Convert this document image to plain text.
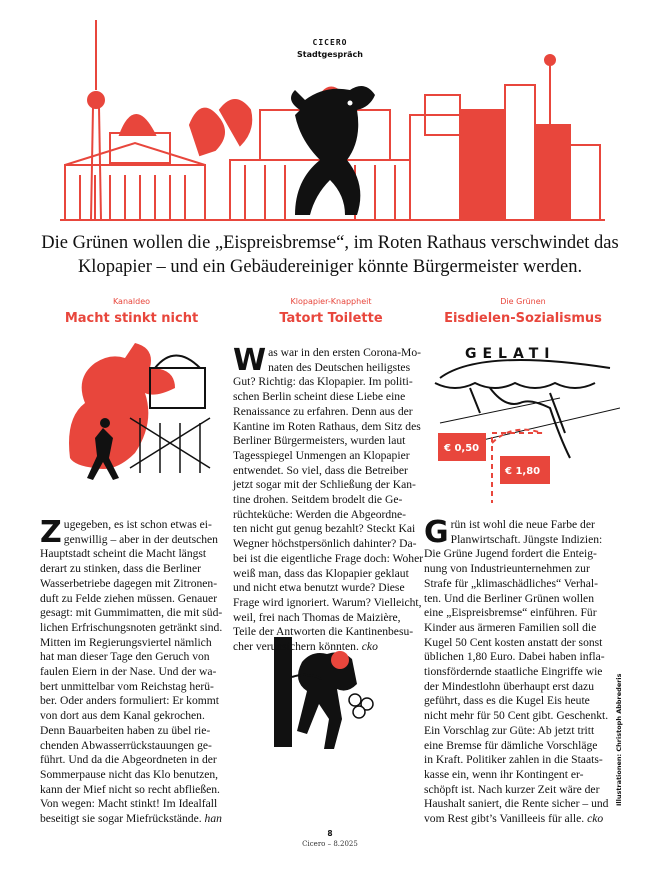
CICERO
Stadtgespräch
Die Grünen wollen die „Eispreisbremse“, im Roten Rathaus verschwindet das Klopapier – und ein Gebäudereiniger könnte Bürgermeister werden.
Kanaldeo
Macht stinkt nicht
Klopapier-Knappheit
Tatort Toilette
Die Grünen
Eisdielen-Sozialismus
GELATI
€ 0,50
€ 1,80
Z ugegeben, es ist schon etwas ei-
genwillig – aber in der deutschen
Hauptstadt scheint die Macht längst
derart zu stinken, dass die Berliner
Wasserbetriebe dagegen mit Zitronen-
duft zu Felde ziehen müssen. Genauer
gesagt: mit Gummimatten, die mit süd-
lichen Erfrischungsnoten getränkt sind.
Mitten im Regierungsviertel nämlich
hat man dieser Tage den Geruch von
faulen Eiern in der Nase. Und der wa-
bert unmittelbar vom Reichstag herü-
ber. Oder anders formuliert: Er kommt
von dort aus dem Kanal gekrochen.
Denn Bauarbeiten haben zu übel rie-
chenden Abwasserrückstauungen ge-
führt. Und da die Abgeordneten in der
Sommerpause nicht das Klo benutzen,
kann der Mief nicht so recht abfließen.
Von wegen: Macht stinkt! Im Idealfall
beseitigt sie sogar Miefrückstände. han
W as war in den ersten Corona-Mo-
naten des Deutschen heiligstes
Gut? Richtig: das Klopapier. Im politi-
schen Berlin scheint diese Liebe eine
Renaissance zu erfahren. Denn aus der
Kantine im Roten Rathaus, dem Sitz des
Berliner Bürgermeisters, wurden laut
Tagesspiegel Unmengen an Klopapier
entwendet. So viel, dass die Betreiber
jetzt sogar mit der Schließung der Kan-
tine drohen. Seitdem brodelt die Ge-
rüchteküche: Werden die Abgeordne-
ten nicht gut genug bezahlt? Steckt Kai
Wegner höchstpersönlich dahinter? Da-
bei ist die eigentliche Frage doch: Woher
weiß man, dass das Klopapier geklaut
und nicht etwa benutzt wurde? Diese
Frage wird ignoriert. Warum? Vielleicht,
weil, frei nach Thomas de Maizière,
Teile der Antworten die Kantinenbesu-
cher verunsichern könnten. cko
G rün ist wohl die neue Farbe der
Planwirtschaft. Jüngste Indizien:
Die Grüne Jugend fordert die Enteig-
nung von Industrieunternehmen zur
Strafe für „klimaschädliches“ Verhal-
ten. Und die Berliner Grünen wollen
eine „Eispreisbremse“ einführen. Für
Kinder aus ärmeren Familien soll die
Kugel 50 Cent kosten anstatt der sonst
üblichen 1,80 Euro. Dabei haben infla-
tionsfördernde staatliche Eingriffe wie
der Mindestlohn überhaupt erst dazu
geführt, dass es die Kugel Eis heute
nicht mehr für 50 Cent gibt. Geschenkt.
Ein Vorschlag zur Güte: Ab jetzt tritt
eine Bremse für dämliche Vorschläge
in Kraft. Politiker zahlen in die Staats-
kasse ein, wenn ihr Kontingent er-
schöpft ist. Nach kurzer Zeit wäre der
Haushalt saniert, die Rente sicher – und
vom Rest gibt’s Vanilleeis für alle. cko
Illustrationen: Christoph Abbrederis
8
Cicero – 8.2025
